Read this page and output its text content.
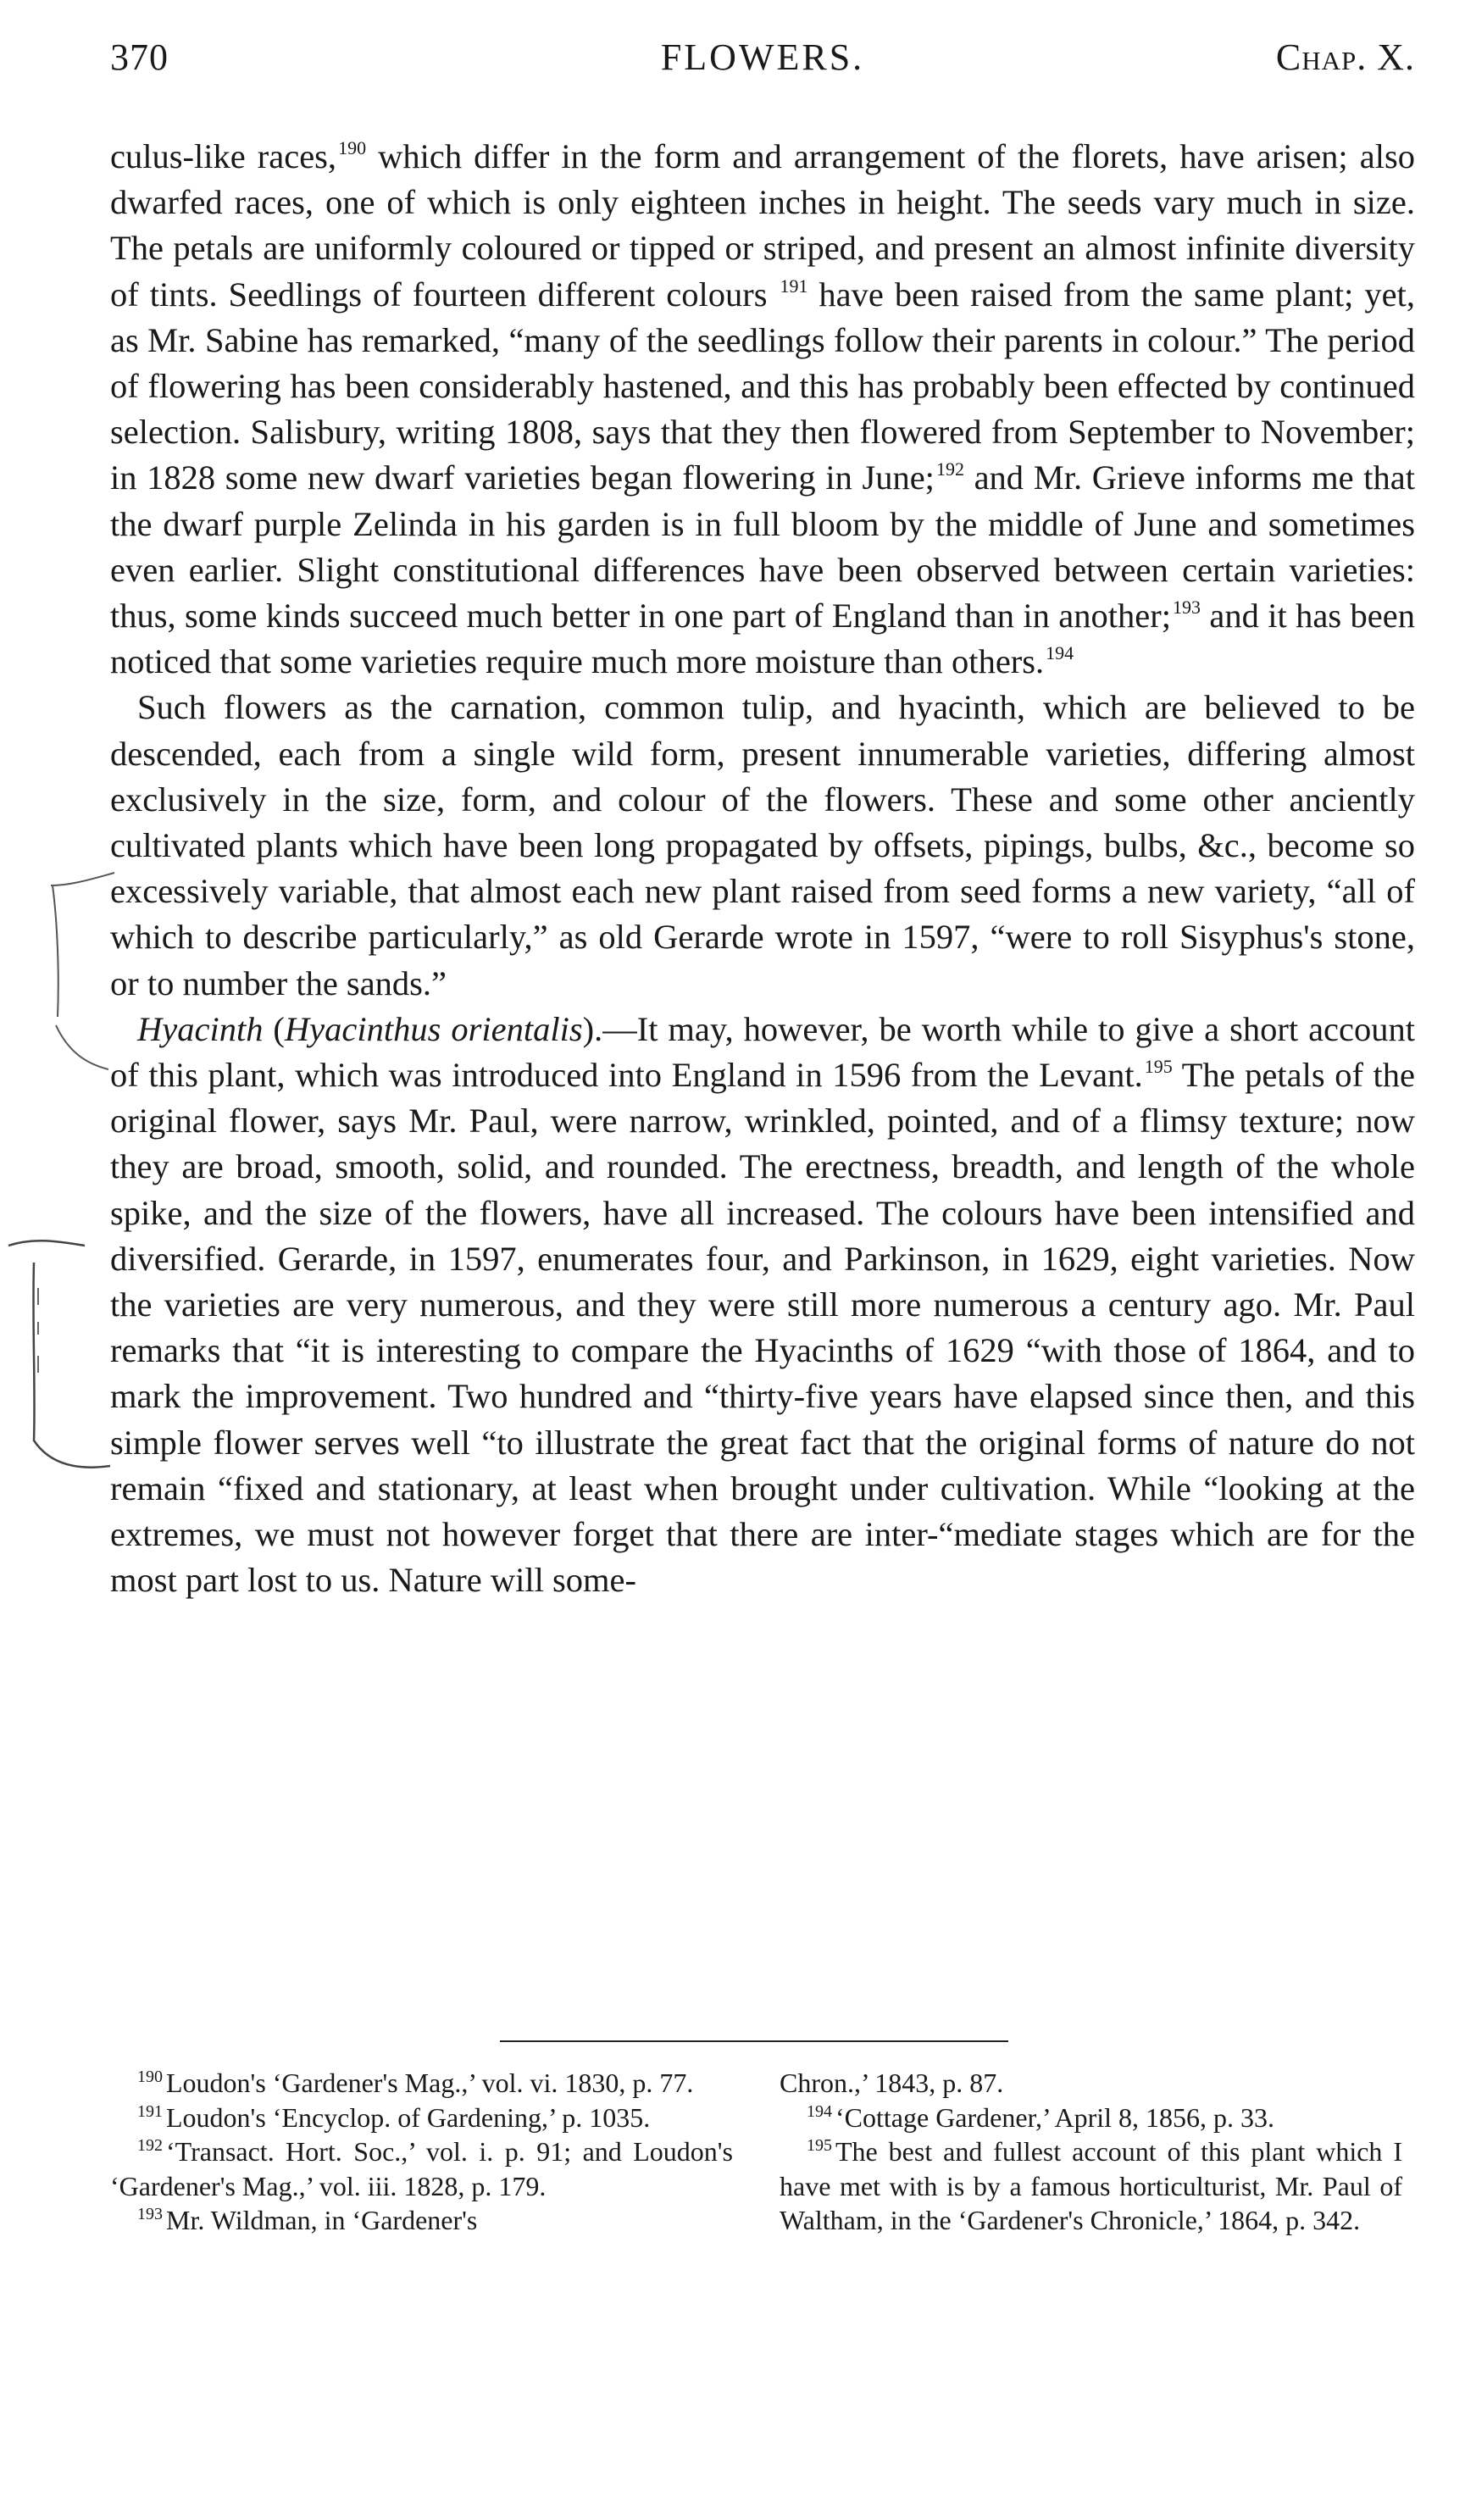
370	FLOWERS.	Chap. X.

culus-like races,$^{190}$ which differ in the form and arrangement of the florets, have arisen; also dwarfed races, one of which is only eighteen inches in height. The seeds vary much in size. The petals are uniformly coloured or tipped or striped, and present an almost infinite diversity of tints. Seedlings of fourteen different colours $^{191}$ have been raised from the same plant; yet, as Mr. Sabine has remarked, “many of the seedlings follow their parents in colour.” The period of flowering has been considerably hastened, and this has probably been effected by continued selection. Salisbury, writing 1808, says that they then flowered from September to November; in 1828 some new dwarf varieties began flowering in June;$^{192}$ and Mr. Grieve informs me that the dwarf purple Zelinda in his garden is in full bloom by the middle of June and sometimes even earlier. Slight constitutional differences have been observed between certain varieties: thus, some kinds succeed much better in one part of England than in another;$^{193}$ and it has been noticed that some varieties require much more moisture than others.$^{194}$

Such flowers as the carnation, common tulip, and hyacinth, which are believed to be descended, each from a single wild form, present innumerable varieties, differing almost exclusively in the size, form, and colour of the flowers. These and some other anciently cultivated plants which have been long propagated by offsets, pipings, bulbs, &c., become so excessively variable, that almost each new plant raised from seed forms a new variety, “all of which to describe particularly,” as old Gerarde wrote in 1597, “were to roll Sisyphus's stone, or to number the sands.”

Hyacinth (Hyacinthus orientalis).—It may, however, be worth while to give a short account of this plant, which was introduced into England in 1596 from the Levant.$^{195}$ The petals of the original flower, says Mr. Paul, were narrow, wrinkled, pointed, and of a flimsy texture; now they are broad, smooth, solid, and rounded. The erectness, breadth, and length of the whole spike, and the size of the flowers, have all increased. The colours have been intensified and diversified. Gerarde, in 1597, enumerates four, and Parkinson, in 1629, eight varieties. Now the varieties are very numerous, and they were still more numerous a century ago. Mr. Paul remarks that “it is interesting to compare the Hyacinths of 1629 “with those of 1864, and to mark the improvement. Two hundred and “thirty-five years have elapsed since then, and this simple flower serves well “to illustrate the great fact that the original forms of nature do not remain “fixed and stationary, at least when brought under cultivation. While “looking at the extremes, we must not however forget that there are inter-“mediate stages which are for the most part lost to us. Nature will some-

$^{190}$ Loudon's ‘Gardener's Mag.,’ vol. vi. 1830, p. 77.

$^{191}$ Loudon's ‘Encyclop. of Gardening,’ p. 1035.

$^{192}$ ‘Transact. Hort. Soc.,’ vol. i. p. 91; and Loudon's ‘Gardener's Mag.,’ vol. iii. 1828, p. 179.

$^{193}$ Mr. Wildman, in ‘Gardener's

Chron.,’ 1843, p. 87.

$^{194}$ ‘Cottage Gardener,’ April 8, 1856, p. 33.

$^{195}$ The best and fullest account of this plant which I have met with is by a famous horticulturist, Mr. Paul of Waltham, in the ‘Gardener's Chronicle,’ 1864, p. 342.
